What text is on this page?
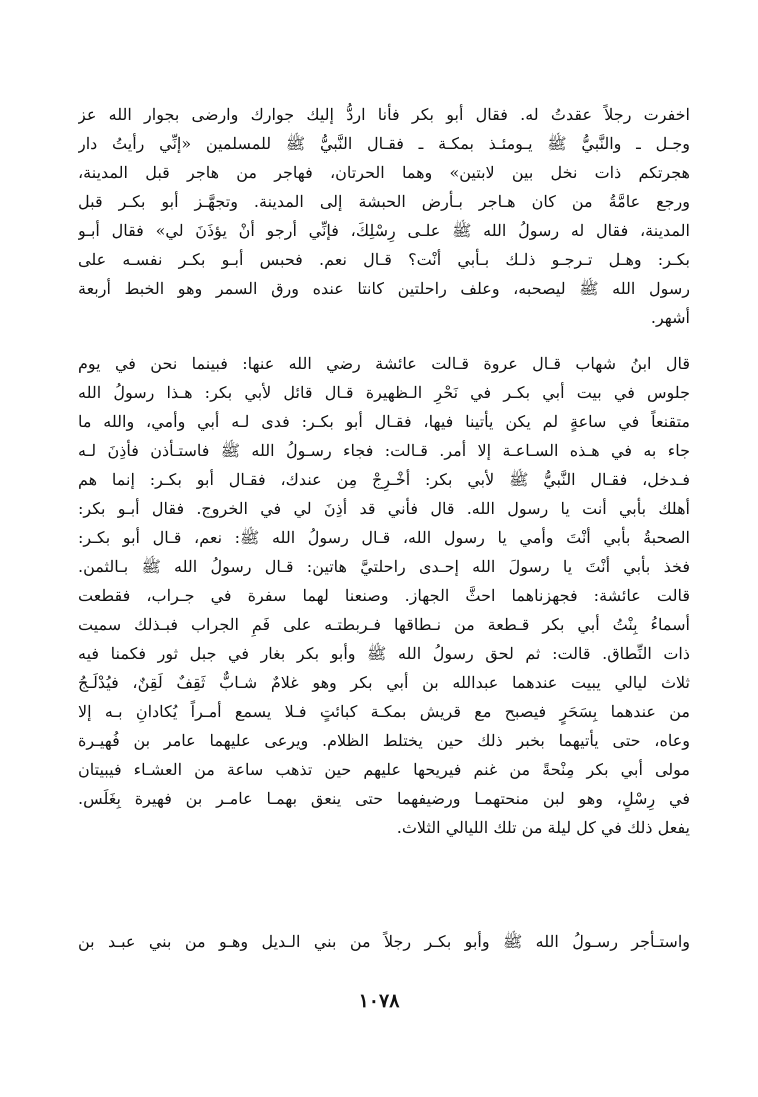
اخفرت رجلاً عقدتُ له. فقال أبو بكر فأنا اردُّ إليك جوارك وارضى بجوار الله عز
وجـل ـ والنَّبيُّ ﷺ يـومئـذ بمكـة ـ فقـال النَّبيُّ ﷺ للمسلمين «إنِّي رأيتُ دار
هجرتكم ذات نخل بين لابتين» وهما الحرتان، فهاجر من هاجر قبل المدينة،
ورجع عامَّةُ من كان هـاجر بـأرض الحبشة إلى المدينة. وتجهَّـز أبو بكـر قبل
المدينة، فقال له رسولُ الله ﷺ علـى رِسْلِكَ، فإنِّي أرجو أنْ يؤذَنَ لي» فقال أبـو
بكـر: وهـل تـرجـو ذلـك بـأبي أنْت؟ قـال نعم. فحبس أبـو بكـر نفسـه على
رسول الله ﷺ ليصحبه، وعلف راحلتين كانتا عنده ورق السمر وهو الخبط أربعة
أشهر.
قال ابنُ شهاب قـال عروة قـالت عائشة رضي الله عنها: فبينما نحن في يوم
جلوس في بيت أبي بكـر في نَحْرِ الـظهيرة قـال قائل لأبي بكر: هـذا رسولُ الله
متقنعاً في ساعةٍ لم يكن يأتينا فيها، فقـال أبو بكـر: فدى لـه أبي وأمي، والله ما
جاء به في هـذه السـاعـة إلا أمر. قـالت: فجاء رسـولُ الله ﷺ فاستـأذن فأذِنَ لـه
فـدخل، فقـال النَّبيُّ ﷺ لأبي بكر: أخْـرِجْ مِن عندك، فقـال أبو بكـر: إنما هم
أهلك بأبي أنت يا رسول الله. قال فأني قد أذِنَ لي في الخروج. فقال أبـو بكر:
الصحبةُ بأبي أنْتَ وأمي يا رسول الله، قـال رسولُ الله ﷺ: نعم، قـال أبو بكـر:
فخذ بأبي أنْتَ يا رسولَ الله إحـدى راحلتيَّ هاتين: قـال رسولُ الله ﷺ بـالثمن.
قالت عائشة: فجهزناهما احثَّ الجهاز. وصنعنا لهما سفرة في جـراب، فقطعت
أسماءُ بِنْتُ أبي بكر قـطعة من نـطاقها فـربطتـه على فَمِ الجراب فبـذلك سميت
ذات النِّطاق. قالت: ثم لحق رسولُ الله ﷺ وأبو بكر بغار في جبل ثور فكمنا فيه
ثلاث ليالي يبيت عندهما عبدالله بن أبي بكر وهو غلامٌ شـابٌّ ثَقِفٌ لَقِنٌ، فيُدْلَـجُ
من عندهما بِسَحَرٍ فيصبح مع قريش بمكـة كبائتٍ فـلا يسمع أمـراً يُكادانِ بـه إلا
وعاه، حتى يأتيهما بخبر ذلك حين يختلط الظلام. ويرعى عليهما عامر بن فُهيـرة
مولى أبي بكر مِنْحةً من غنم فيريحها عليهم حين تذهب ساعة من العشـاء فيبيتان
في رِسْلٍ، وهو لبن منحتهمـا ورضيفهما حتى ينعق بهمـا عامـر بن فهيرة بِغَلَس.
يفعل ذلك في كل ليلة من تلك الليالي الثلاث.
واستـأجر رسـولُ الله ﷺ وأبو بكـر رجلاً من بني الـديل وهـو من بني عبـد بن
١٠٧٨
